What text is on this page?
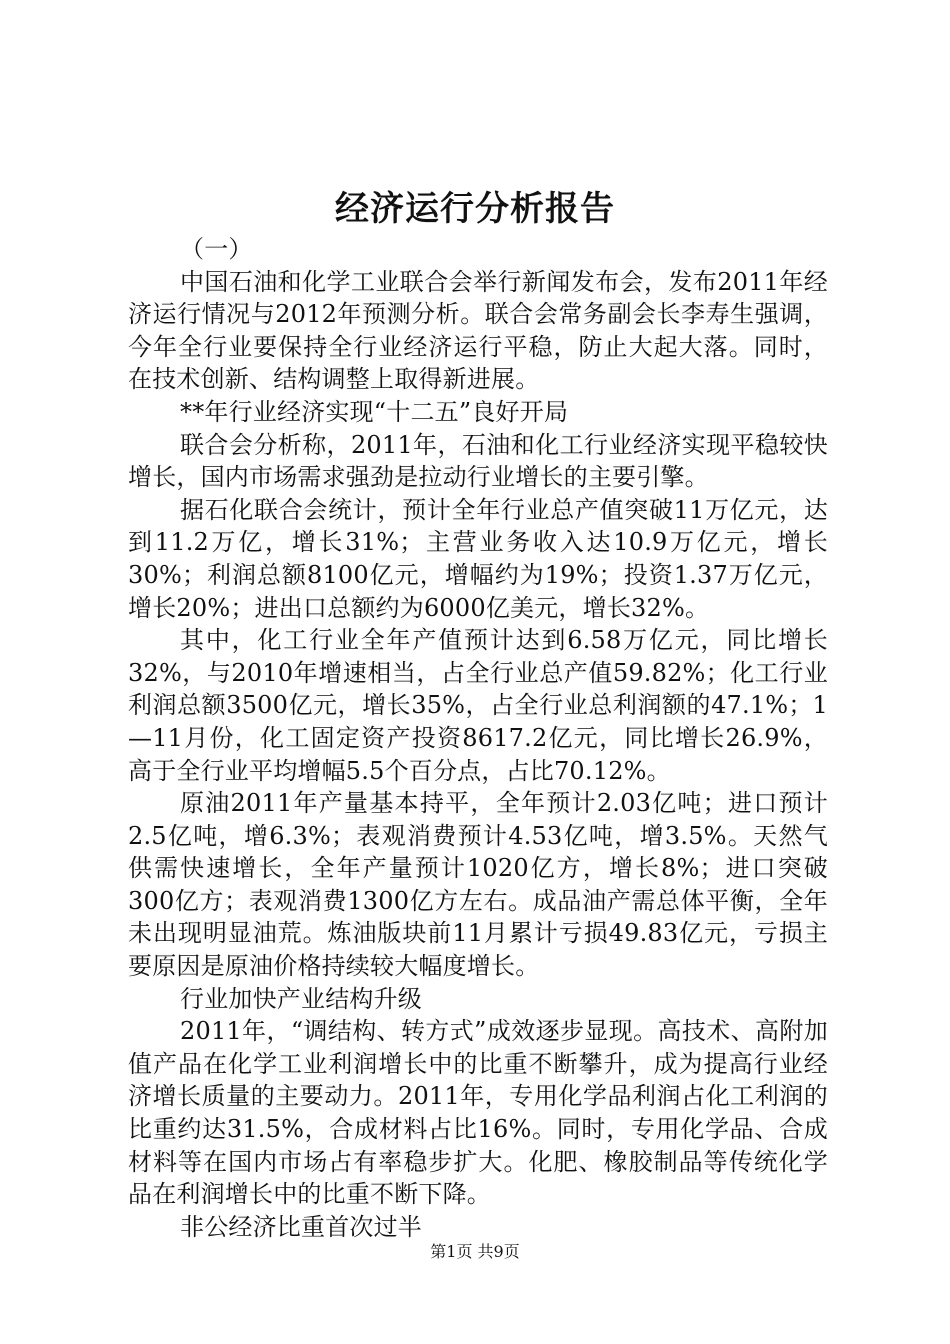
经济运行分析报告

（一）

中国石油和化学工业联合会举行新闻发布会，发布2011年经济运行情况与2012年预测分析。联合会常务副会长李寿生强调，今年全行业要保持全行业经济运行平稳，防止大起大落。同时，在技术创新、结构调整上取得新进展。

**年行业经济实现“十二五”良好开局

联合会分析称，2011年，石油和化工行业经济实现平稳较快增长，国内市场需求强劲是拉动行业增长的主要引擎。

据石化联合会统计，预计全年行业总产值突破11万亿元，达到11.2万亿，增长31%；主营业务收入达10.9万亿元，增长30%；利润总额8100亿元，增幅约为19%；投资1.37万亿元，增长20%；进出口总额约为6000亿美元，增长32%。

其中，化工行业全年产值预计达到6.58万亿元，同比增长32%，与2010年增速相当，占全行业总产值59.82%；化工行业利润总额3500亿元，增长35%，占全行业总利润额的47.1%；1—11月份，化工固定资产投资8617.2亿元，同比增长26.9%，高于全行业平均增幅5.5个百分点，占比70.12%。

原油2011年产量基本持平，全年预计2.03亿吨；进口预计2.5亿吨，增6.3%；表观消费预计4.53亿吨，增3.5%。天然气供需快速增长，全年产量预计1020亿方，增长8%；进口突破300亿方；表观消费1300亿方左右。成品油产需总体平衡，全年未出现明显油荒。炼油版块前11月累计亏损49.83亿元，亏损主要原因是原油价格持续较大幅度增长。

行业加快产业结构升级

2011年，“调结构、转方式”成效逐步显现。高技术、高附加值产品在化学工业利润增长中的比重不断攀升，成为提高行业经济增长质量的主要动力。2011年，专用化学品利润占化工利润的比重约达31.5%，合成材料占比16%。同时，专用化学品、合成材料等在国内市场占有率稳步扩大。化肥、橡胶制品等传统化学品在利润增长中的比重不断下降。

非公经济比重首次过半

第1页 共9页
